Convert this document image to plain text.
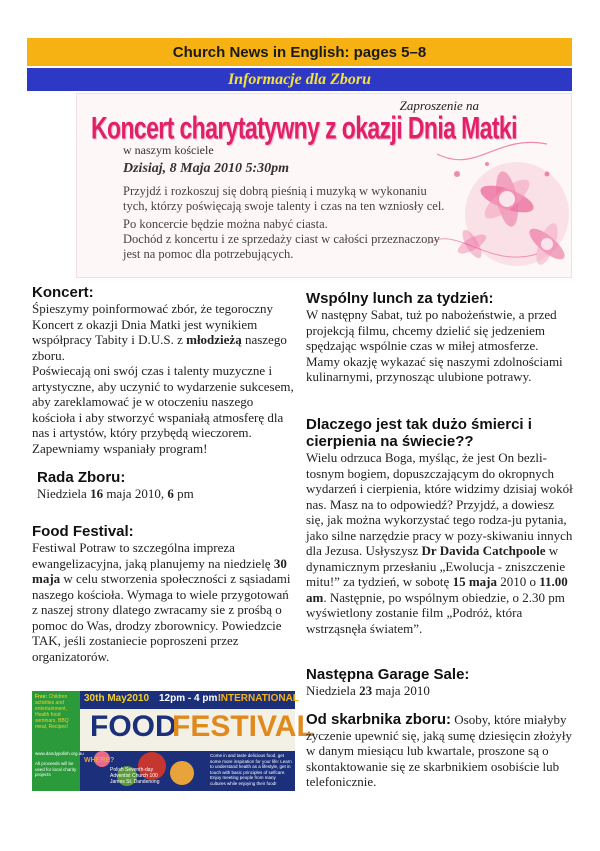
Church News in English: pages 5–8
Informacje dla Zboru
Zaproszenie na
Koncert charytatywny z okazji Dnia Matki
w naszym kościele
Dzisiaj, 8 Maja 2010 5:30pm

Przyjdź i rozkoszuj się dobrą pieśnią i muzyką w wykonaniu tych, którzy poświęcają swoje talenty i czas na ten wzniosły cel.

Po koncercie będzie można nabyć ciasta.

Dochód z koncertu i ze sprzedaży ciast w całości przeznaczony jest na pomoc dla potrzebujących.

Koncert:

Śpieszymy poinformować zbór, że tegoroczny Koncert z okazji Dnia Matki jest wynikiem współpracy Tabity i D.U.S. z młodzieżą naszego zboru.

Poświecają oni swój czas i talenty muzyczne i artystyczne, aby uczynić to wydarzenie sukcesem, aby zareklamować je w otoczeniu naszego kościoła i aby stworzyć wspaniałą atmosferę dla nas i artystów, który przybędą wieczorem. Zapewniamy wspaniały program!

Rada Zboru:

Niedziela 16 maja 2010, 6 pm

Food Festival:

Festiwal Potraw to szczególna impreza ewangelizacyjna, jaką planujemy na niedzielę 30 maja w celu stworzenia społeczności z sąsiadami naszego kościoła. Wymaga to wiele przygotowań z naszej strony dlatego zwracamy sie z prośbą o pomoc do Was, drodzy zborownicy. Powiedzcie TAK, jeśli zostaniecie poproszeni przez organizatorów.

30th May2010 12pm - 4 pm INTERNATIONAL
FOOD
FESTIVAL
Free: Children activities and entertainment, Health food seminars, BBQ meal, Recipes!
All proceeds will be used for local charity projects
WHERE?
Polish Seventh-day Adventist Church 100 James St. Dandenong
Come in and taste delicious food, get some more inspiration for your life: Learn to understand health as a lifestyle, get in touch with basic principles of selfcare. Enjoy meeting people from many cultures while enjoying their food!
www.dandypolish.org.au
Wspólny lunch za tydzień:

W następny Sabat, tuż po nabożeństwie, a przed projekcją filmu, chcemy dzielić się jedzeniem spędzając wspólnie czas w miłej atmosferze. Mamy okazję wykazać się naszymi zdolnościami kulinarnymi, przynosząc ulubione potrawy.

Dlaczego jest tak dużo śmierci i cierpienia na świecie??

Wielu odrzuca Boga, myśląc, że jest On bezli-tosnym bogiem, dopuszczającym do okropnych wydarzeń i cierpienia, które widzimy dzisiaj wokół nas. Masz na to odpowiedź? Przyjdź, a dowiesz się, jak można wykorzystać tego rodza-ju pytania, jako silne narzędzie pracy w pozy-skiwaniu innych dla Jezusa. Usłyszysz Dr Davida Catchpoole w dynamicznym przesłaniu „Ewolucja - zniszczenie mitu!” za tydzień, w sobotę 15 maja 2010 o 11.00 am. Następnie, po wspólnym obiedzie, o 2.30 pm wyświetlony zostanie film „Podróż, która wstrząsnęła światem”.

Następna Garage Sale:

Niedziela 23 maja 2010

Od skarbnika zboru: Osoby, które miałyby życzenie upewnić się, jaką sumę dziesięcin złożyły w danym miesiącu lub kwartale, proszone są o skontaktowanie się ze skarbnikiem osobiście lub telefonicznie.
